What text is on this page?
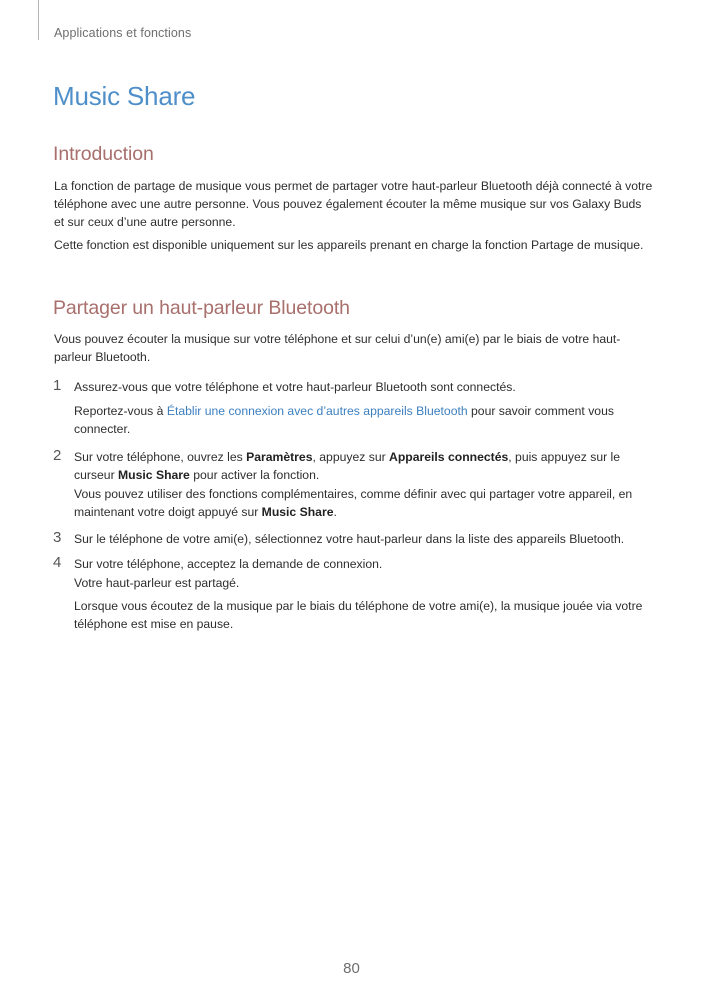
Applications et fonctions
Music Share
Introduction

La fonction de partage de musique vous permet de partager votre haut-parleur Bluetooth déjà connecté à votre téléphone avec une autre personne. Vous pouvez également écouter la même musique sur vos Galaxy Buds et sur ceux d’une autre personne.

Cette fonction est disponible uniquement sur les appareils prenant en charge la fonction Partage de musique.

Partager un haut-parleur Bluetooth

Vous pouvez écouter la musique sur votre téléphone et sur celui d’un(e) ami(e) par le biais de votre haut-parleur Bluetooth.

1 Assurez-vous que votre téléphone et votre haut-parleur Bluetooth sont connectés.

Reportez-vous à Établir une connexion avec d’autres appareils Bluetooth pour savoir comment vous connecter.

2 Sur votre téléphone, ouvrez les Paramètres, appuyez sur Appareils connectés, puis appuyez sur le curseur Music Share pour activer la fonction.

Vous pouvez utiliser des fonctions complémentaires, comme définir avec qui partager votre appareil, en maintenant votre doigt appuyé sur Music Share.

3 Sur le téléphone de votre ami(e), sélectionnez votre haut-parleur dans la liste des appareils Bluetooth.

4 Sur votre téléphone, acceptez la demande de connexion.

Votre haut-parleur est partagé.

Lorsque vous écoutez de la musique par le biais du téléphone de votre ami(e), la musique jouée via votre téléphone est mise en pause.

80
